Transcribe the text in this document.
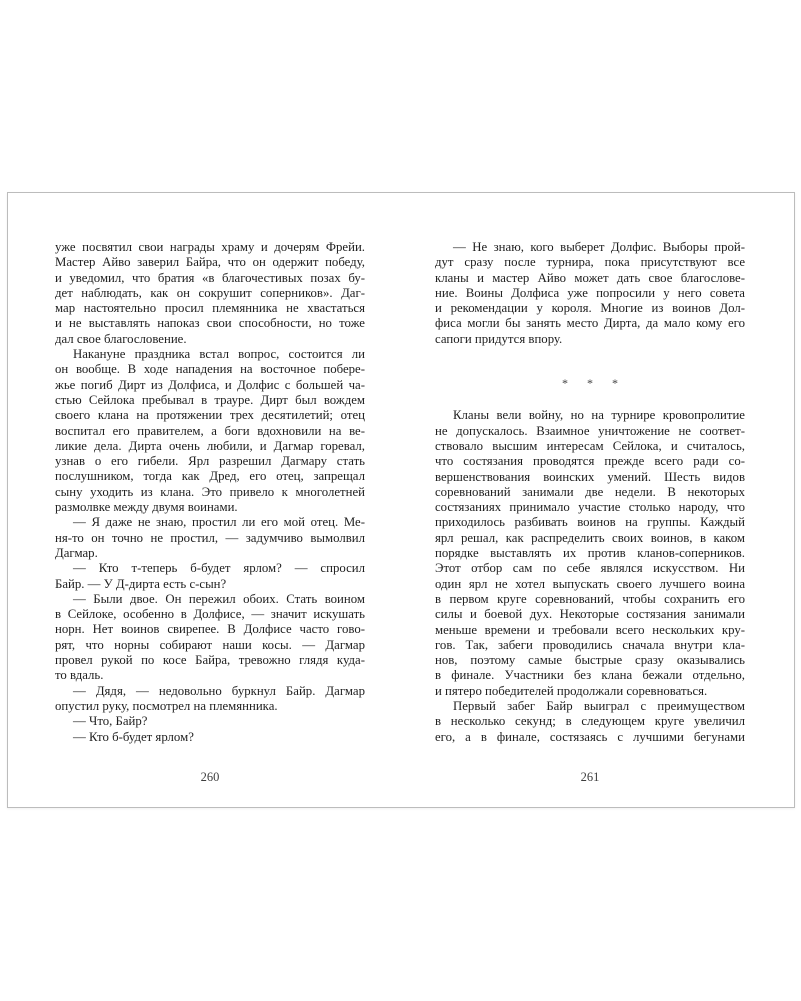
уже посвятил свои награды храму и дочерям Фрейи.
Мастер Айво заверил Байра, что он одержит победу,
и уведомил, что братия «в благочестивых позах бу-
дет наблюдать, как он сокрушит соперников». Даг-
мар настоятельно просил племянника не хвастаться
и не выставлять напоказ свои способности, но тоже
дал свое благословение.
Накануне праздника встал вопрос, состоится ли
он вообще. В ходе нападения на восточное побере-
жье погиб Дирт из Долфиса, и Долфис с большей ча-
стью Сейлока пребывал в трауре. Дирт был вождем
своего клана на протяжении трех десятилетий; отец
воспитал его правителем, а боги вдохновили на ве-
ликие дела. Дирта очень любили, и Дагмар горевал,
узнав о его гибели. Ярл разрешил Дагмару стать
послушником, тогда как Дред, его отец, запрещал
сыну уходить из клана. Это привело к многолетней
размолвке между двумя воинами.
— Я даже не знаю, простил ли его мой отец. Ме-
ня-то он точно не простил, — задумчиво вымолвил
Дагмар.
— Кто т-теперь б-будет ярлом? — спросил
Байр. — У Д-дирта есть с-сын?
— Были двое. Он пережил обоих. Стать воином
в Сейлоке, особенно в Долфисе, — значит искушать
норн. Нет воинов свирепее. В Долфисе часто гово-
рят, что норны собирают наши косы. — Дагмар
провел рукой по косе Байра, тревожно глядя куда-
то вдаль.
— Дядя, — недовольно буркнул Байр. Дагмар
опустил руку, посмотрел на племянника.
— Что, Байр?
— Кто б-будет ярлом?
260
— Не знаю, кого выберет Долфис. Выборы прой-
дут сразу после турнира, пока присутствуют все
кланы и мастер Айво может дать свое благослове-
ние. Воины Долфиса уже попросили у него совета
и рекомендации у короля. Многие из воинов Дол-
фиса могли бы занять место Дирта, да мало кому его
сапоги придутся впору.
* * *
Кланы вели войну, но на турнире кровопролитие
не допускалось. Взаимное уничтожение не соответ-
ствовало высшим интересам Сейлока, и считалось,
что состязания проводятся прежде всего ради со-
вершенствования воинских умений. Шесть видов
соревнований занимали две недели. В некоторых
состязаниях принимало участие столько народу, что
приходилось разбивать воинов на группы. Каждый
ярл решал, как распределить своих воинов, в каком
порядке выставлять их против кланов-соперников.
Этот отбор сам по себе являлся искусством. Ни
один ярл не хотел выпускать своего лучшего воина
в первом круге соревнований, чтобы сохранить его
силы и боевой дух. Некоторые состязания занимали
меньше времени и требовали всего нескольких кру-
гов. Так, забеги проводились сначала внутри кла-
нов, поэтому самые быстрые сразу оказывались
в финале. Участники без клана бежали отдельно,
и пятеро победителей продолжали соревноваться.
Первый забег Байр выиграл с преимуществом
в несколько секунд; в следующем круге увеличил
его, а в финале, состязаясь с лучшими бегунами
261
